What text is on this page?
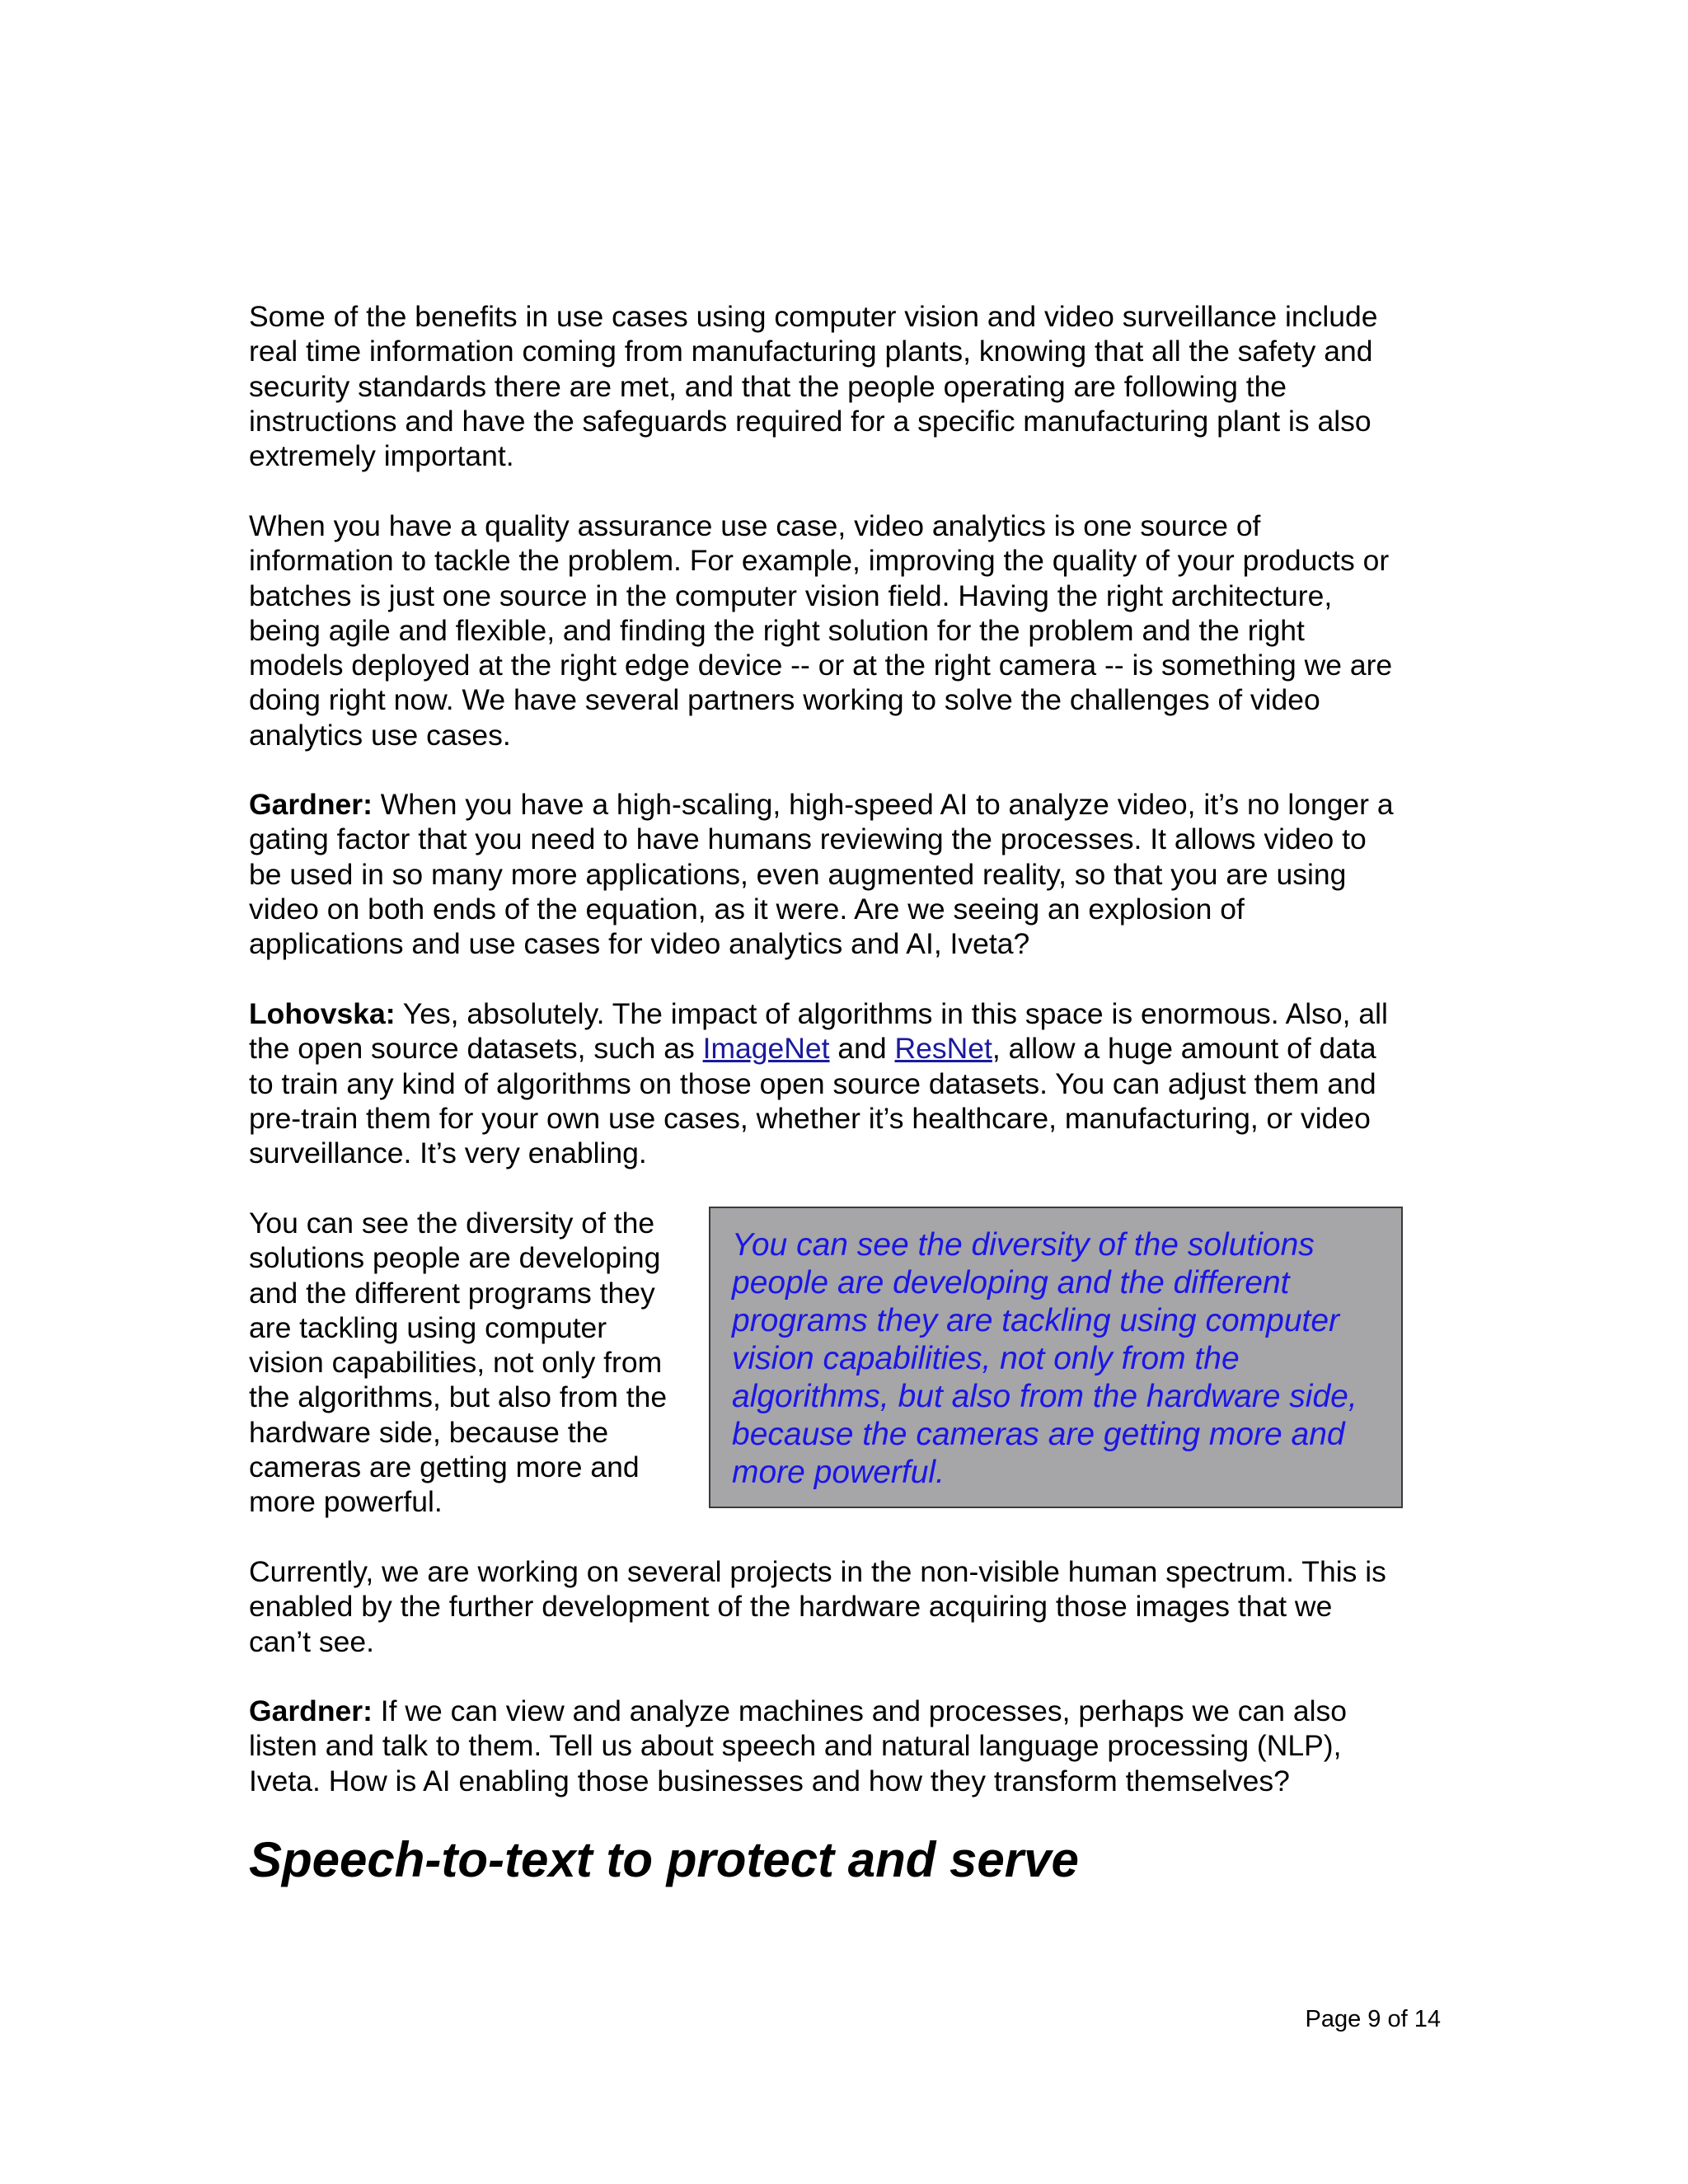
Some of the benefits in use cases using computer vision and video surveillance include
real time information coming from manufacturing plants, knowing that all the safety and
security standards there are met, and that the people operating are following the
instructions and have the safeguards required for a specific manufacturing plant is also
extremely important.

When you have a quality assurance use case, video analytics is one source of
information to tackle the problem. For example, improving the quality of your products or
batches is just one source in the computer vision field. Having the right architecture,
being agile and flexible, and finding the right solution for the problem and the right
models deployed at the right edge device -- or at the right camera -- is something we are
doing right now. We have several partners working to solve the challenges of video
analytics use cases.

Gardner: When you have a high-scaling, high-speed AI to analyze video, it’s no longer a
gating factor that you need to have humans reviewing the processes. It allows video to
be used in so many more applications, even augmented reality, so that you are using
video on both ends of the equation, as it were. Are we seeing an explosion of
applications and use cases for video analytics and AI, Iveta?

Lohovska: Yes, absolutely. The impact of algorithms in this space is enormous. Also, all
the open source datasets, such as ImageNet and ResNet, allow a huge amount of data
to train any kind of algorithms on those open source datasets. You can adjust them and
pre-train them for your own use cases, whether it’s healthcare, manufacturing, or video
surveillance. It’s very enabling.

You can see the diversity of the
solutions people are developing
and the different programs they
are tackling using computer
vision capabilities, not only from
the algorithms, but also from the
hardware side, because the
cameras are getting more and
more powerful.

You can see the diversity of the solutions
people are developing and the different
programs they are tackling using computer
vision capabilities, not only from the
algorithms, but also from the hardware side,
because the cameras are getting more and
more powerful.

Currently, we are working on several projects in the non-visible human spectrum. This is
enabled by the further development of the hardware acquiring those images that we
can’t see.

Gardner: If we can view and analyze machines and processes, perhaps we can also
listen and talk to them. Tell us about speech and natural language processing (NLP),
Iveta. How is AI enabling those businesses and how they transform themselves?

Speech-to-text to protect and serve
Page 9 of 14
